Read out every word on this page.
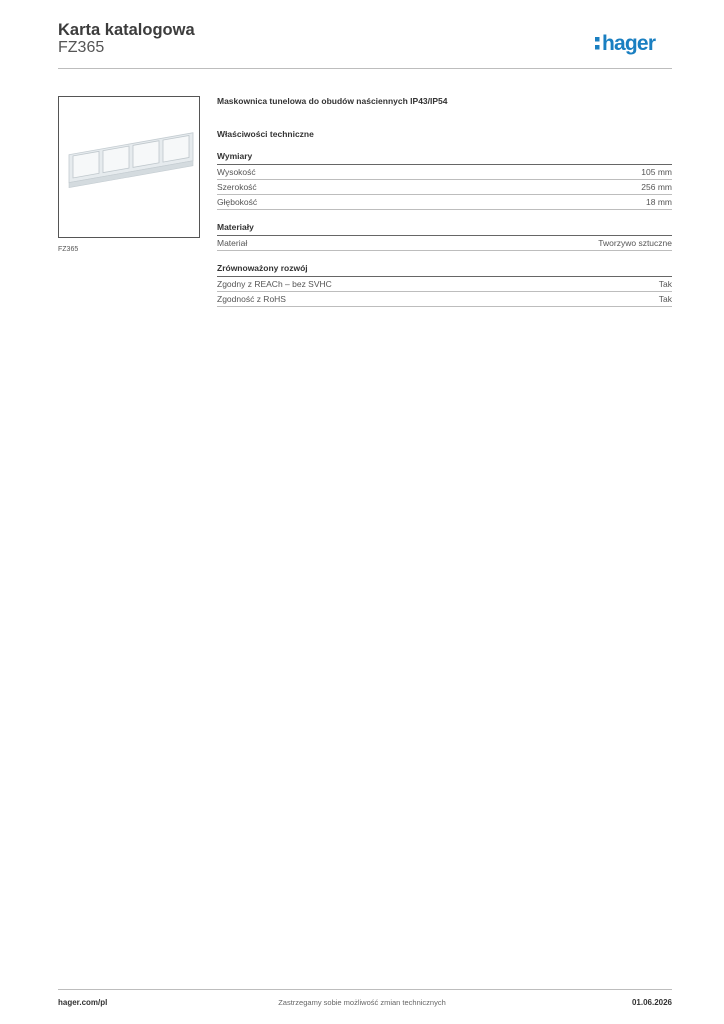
Karta katalogowa
FZ365	hager
FZ365
Maskownica tunelowa do obudów naściennych IP43/IP54
Właściwości techniczne
Wymiary
Wysokość	105 mm
Szerokość	256 mm
Głębokość	18 mm
Materiały
Materiał	Tworzywo sztuczne
Zrównoważony rozwój
Zgodny z REACh – bez SVHC	Tak
Zgodność z RoHS	Tak
hager.com/pl	Zastrzegamy sobie możliwość zmian technicznych	01.06.2026
